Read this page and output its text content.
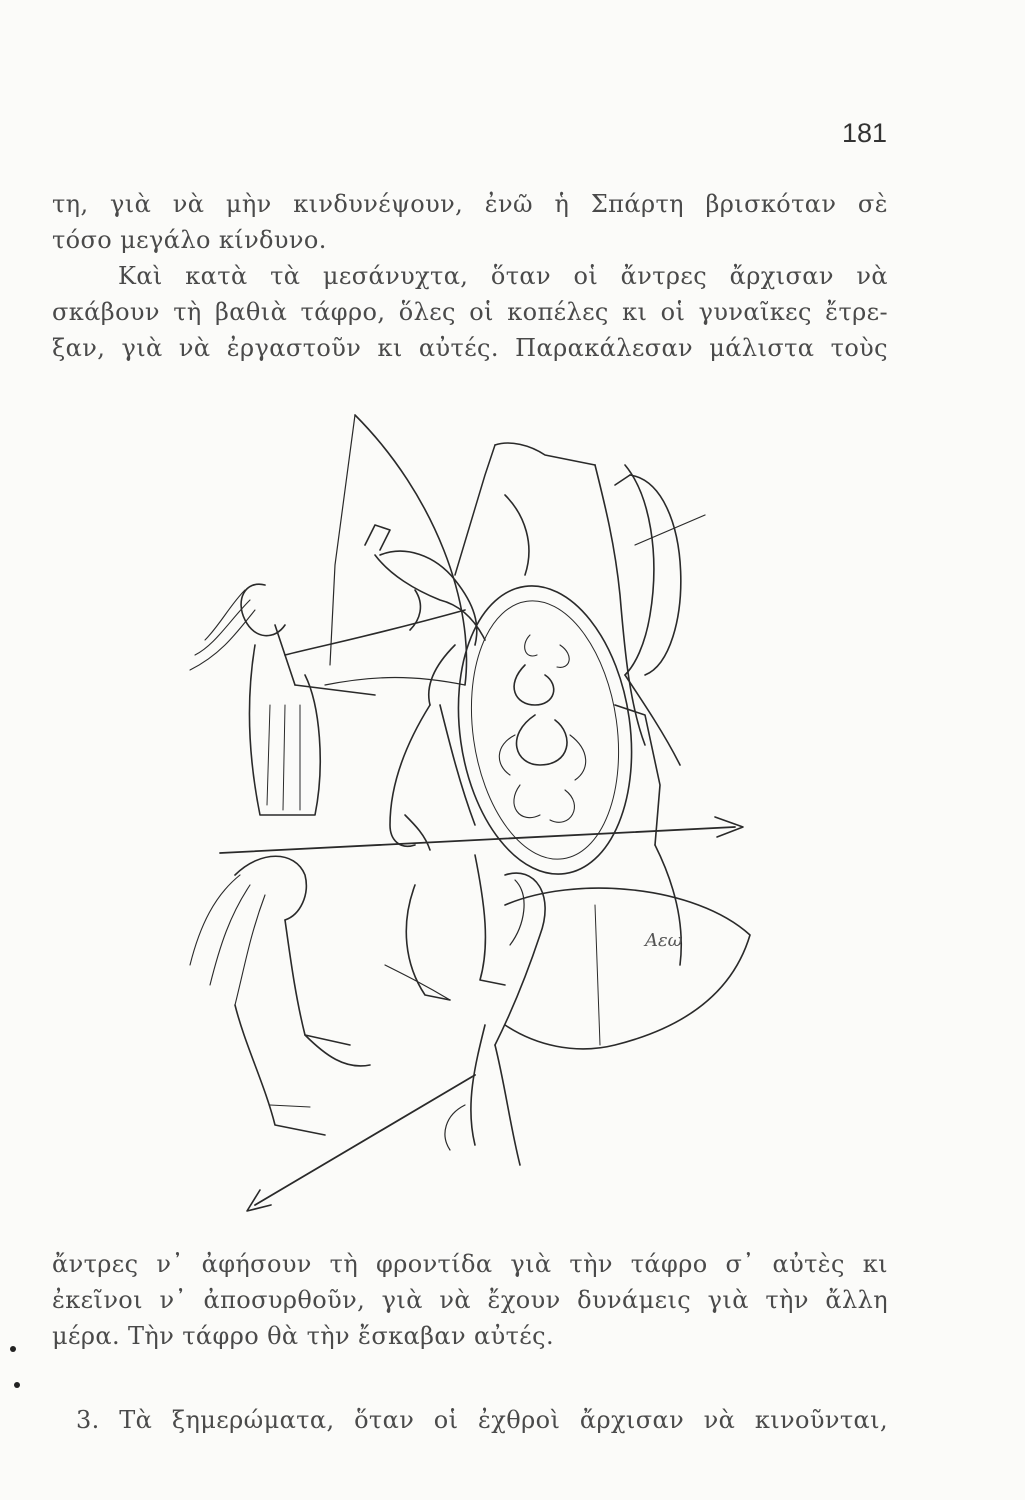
181
τη, γιὰ νὰ μὴν κινδυνέψουν, ἐνῶ ἡ Σπάρτη βρισκόταν σὲ
τόσο μεγάλο κίνδυνο.
Καὶ κατὰ τὰ μεσάνυχτα, ὅταν οἱ ἄντρες ἄρχισαν νὰ
σκάβουν τὴ βαθιὰ τάφρο, ὅλες οἱ κοπέλες κι οἱ γυναῖκες ἔτρε-
ξαν, γιὰ νὰ ἐργαστοῦν κι αὐτές. Παρακάλεσαν μάλιστα τοὺς
Αεω
ἄντρες ν᾽ ἀφήσουν τὴ φροντίδα γιὰ τὴν τάφρο σ᾽ αὐτὲς κι
ἐκεῖνοι ν᾽ ἀποσυρθοῦν, γιὰ νὰ ἔχουν δυνάμεις γιὰ τὴν ἄλλη
μέρα. Τὴν τάφρο θὰ τὴν ἔσκαβαν αὐτές.
3. Τὰ ξημερώματα, ὅταν οἱ ἐχθροὶ ἄρχισαν νὰ κινοῦνται,
